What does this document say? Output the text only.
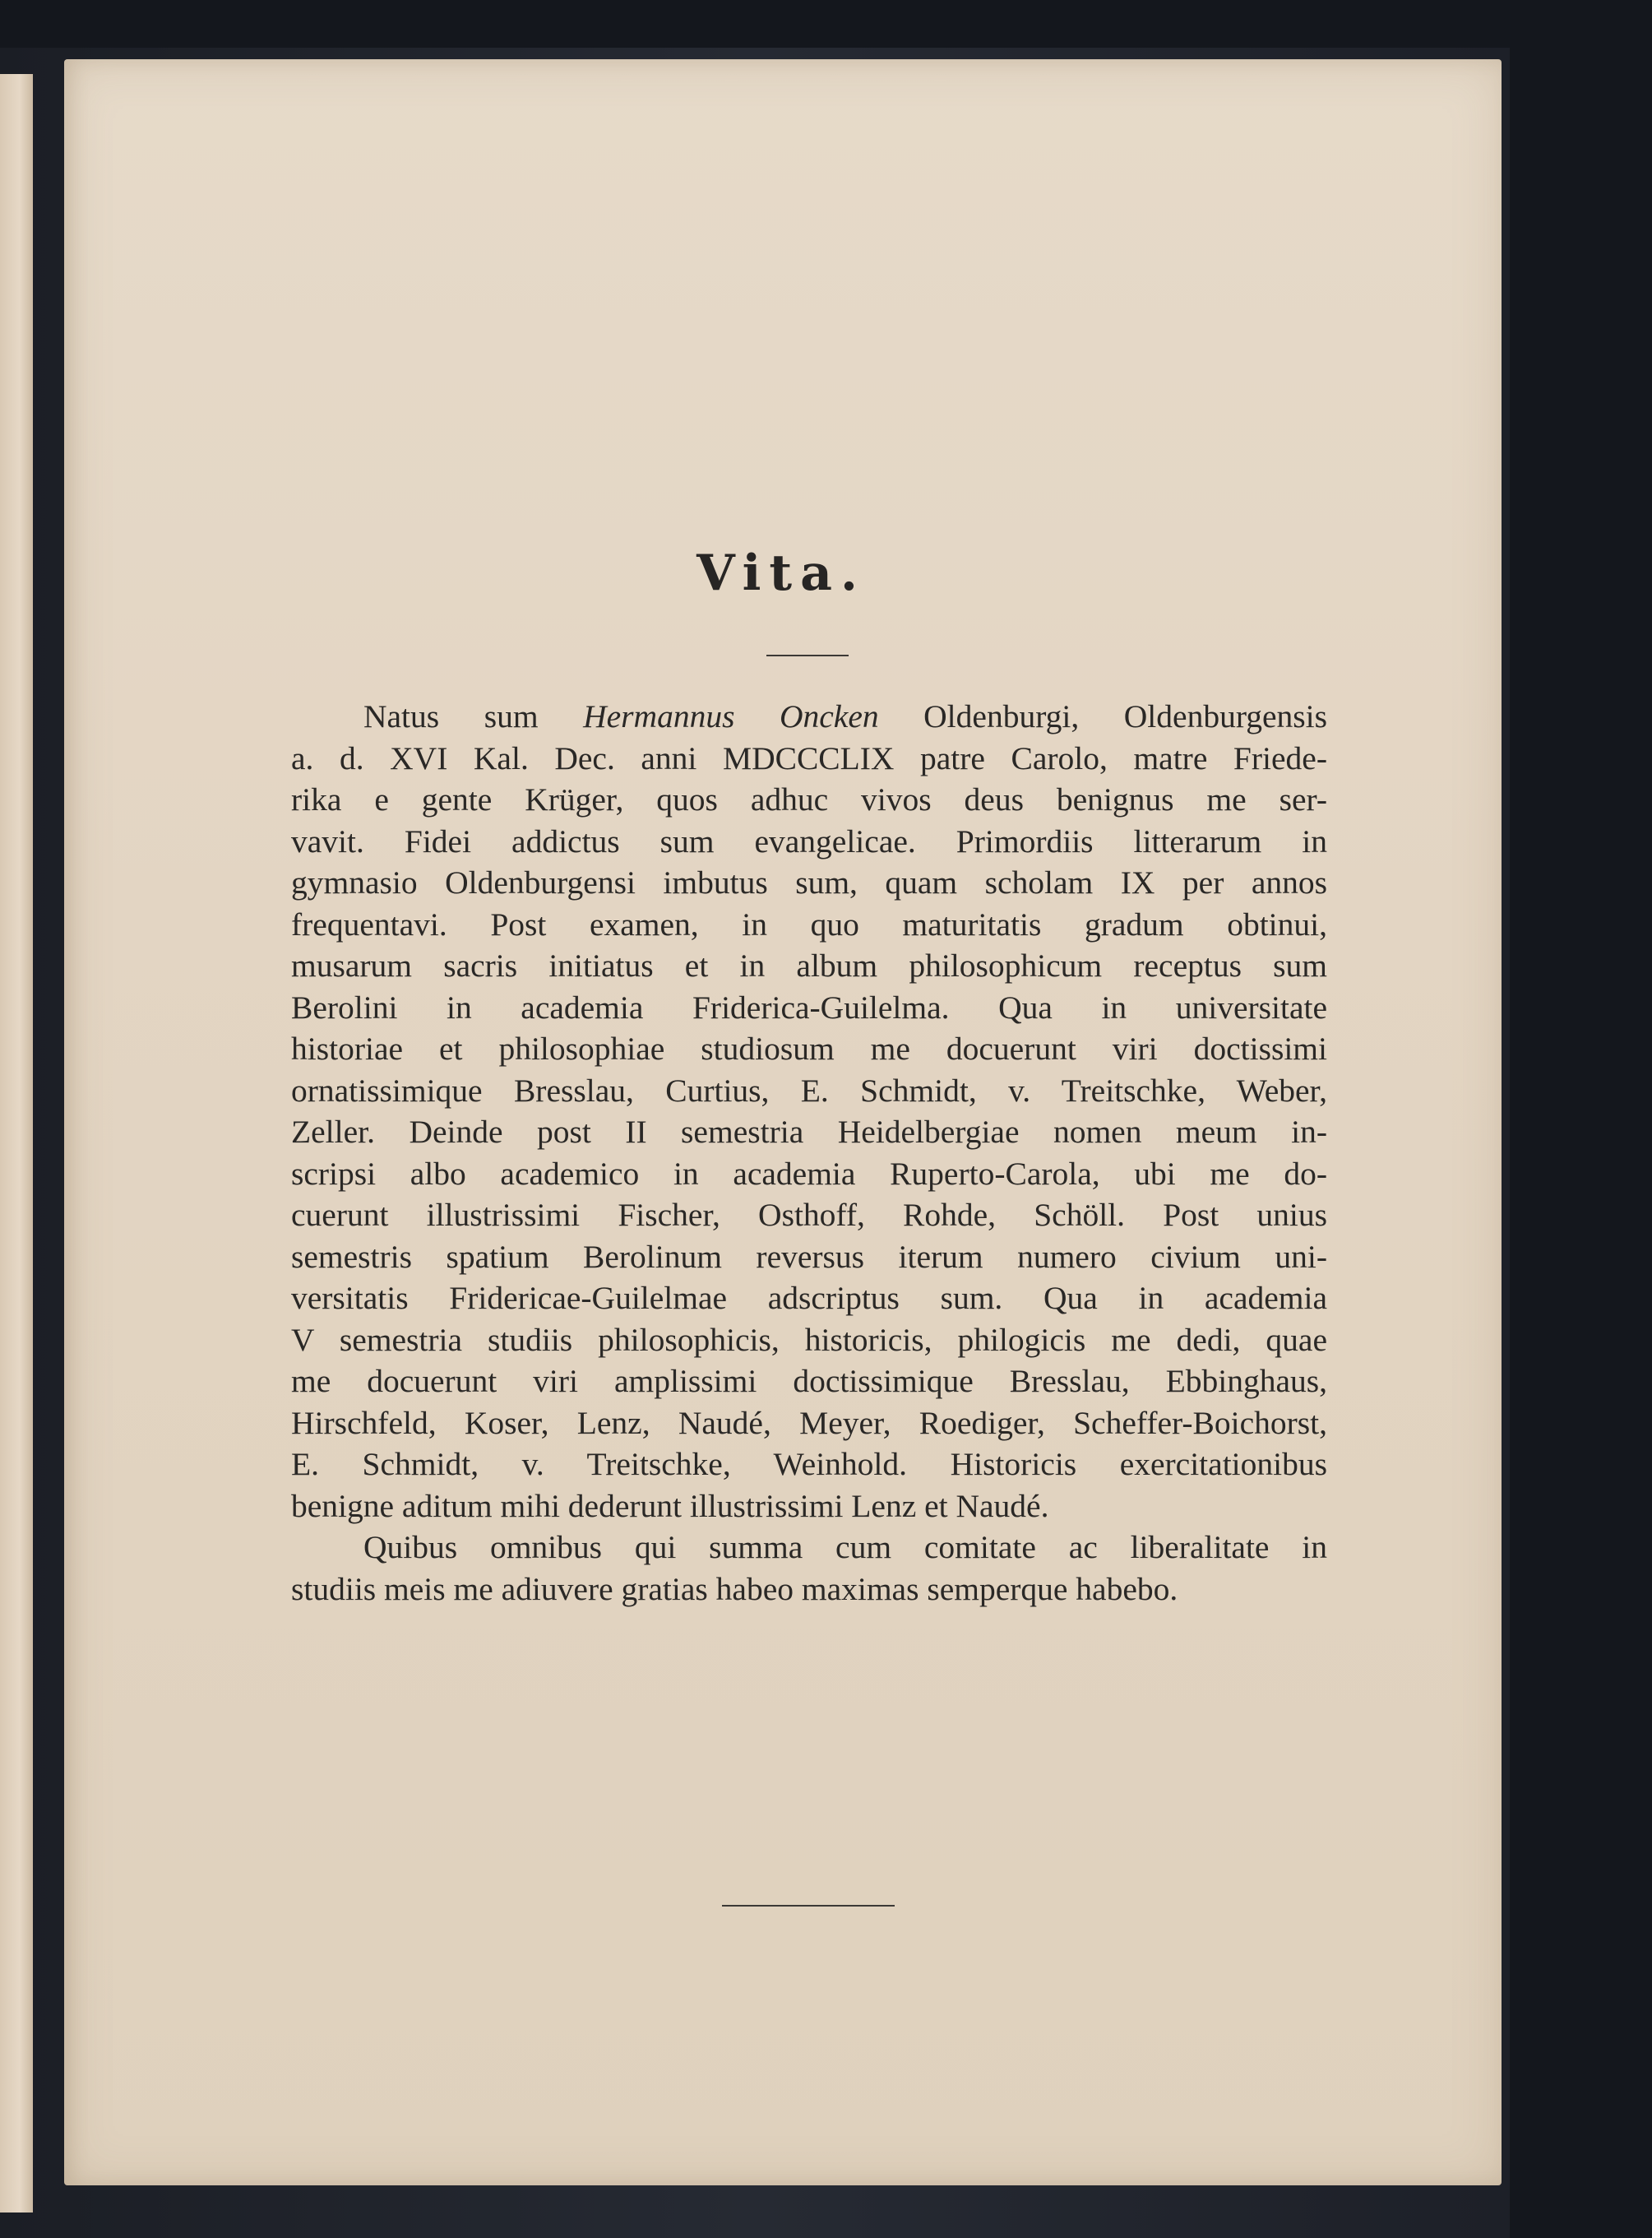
Vita.
Natus sum Hermannus Oncken Oldenburgi, Oldenburgensis
a. d. XVI Kal. Dec. anni MDCCCLIX patre Carolo, matre Friede-
rika e gente Krüger, quos adhuc vivos deus benignus me ser-
vavit. Fidei addictus sum evangelicae. Primordiis litterarum in
gymnasio Oldenburgensi imbutus sum, quam scholam IX per annos
frequentavi. Post examen, in quo maturitatis gradum obtinui,
musarum sacris initiatus et in album philosophicum receptus sum
Berolini in academia Friderica-Guilelma. Qua in universitate
historiae et philosophiae studiosum me docuerunt viri doctissimi
ornatissimique Bresslau, Curtius, E. Schmidt, v. Treitschke, Weber,
Zeller. Deinde post II semestria Heidelbergiae nomen meum in-
scripsi albo academico in academia Ruperto-Carola, ubi me do-
cuerunt illustrissimi Fischer, Osthoff, Rohde, Schöll. Post unius
semestris spatium Berolinum reversus iterum numero civium uni-
versitatis Fridericae-Guilelmae adscriptus sum. Qua in academia
V semestria studiis philosophicis, historicis, philogicis me dedi, quae
me docuerunt viri amplissimi doctissimique Bresslau, Ebbinghaus,
Hirschfeld, Koser, Lenz, Naudé, Meyer, Roediger, Scheffer-Boichorst,
E. Schmidt, v. Treitschke, Weinhold. Historicis exercitationibus
benigne aditum mihi dederunt illustrissimi Lenz et Naudé.
Quibus omnibus qui summa cum comitate ac liberalitate in
studiis meis me adiuvere gratias habeo maximas semperque habebo.
